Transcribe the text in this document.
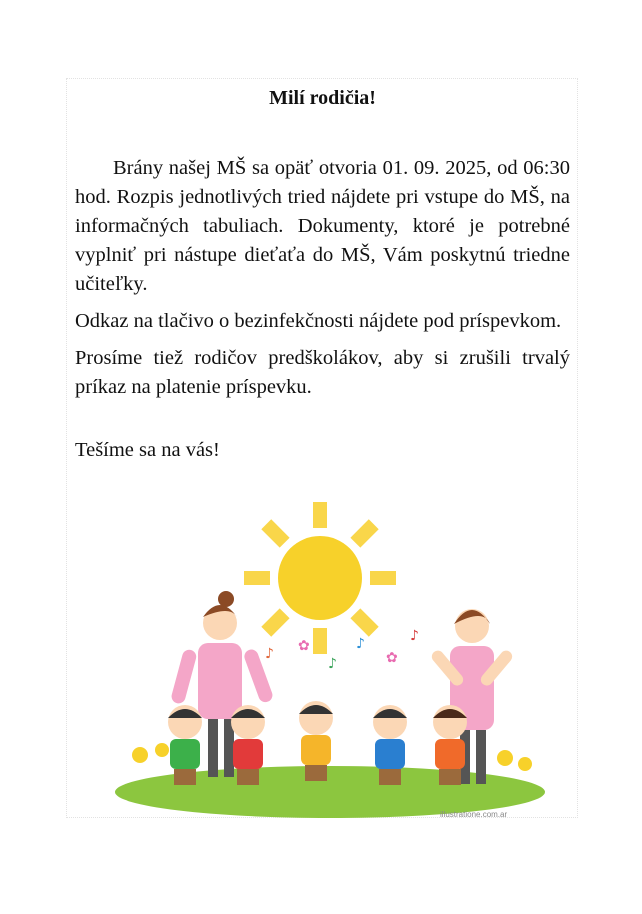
Milí rodičia!

Brány našej MŠ sa opäť otvoria 01. 09. 2025, od 06:30 hod. Rozpis jednotlivých tried nájdete pri vstupe do MŠ, na informačných tabuliach. Dokumenty, ktoré je potrebné vyplniť pri nástupe dieťaťa do MŠ, Vám poskytnú triedne učiteľky.

Odkaz na tlačivo o bezinfekčnosti nájdete pod príspevkom.

Prosíme tiež rodičov predškolákov, aby si zrušili trvalý príkaz na platenie príspevku.

Tešíme sa na vás!

♪ ✿
♪
♪
✿
♪
illustratione.com.ar
